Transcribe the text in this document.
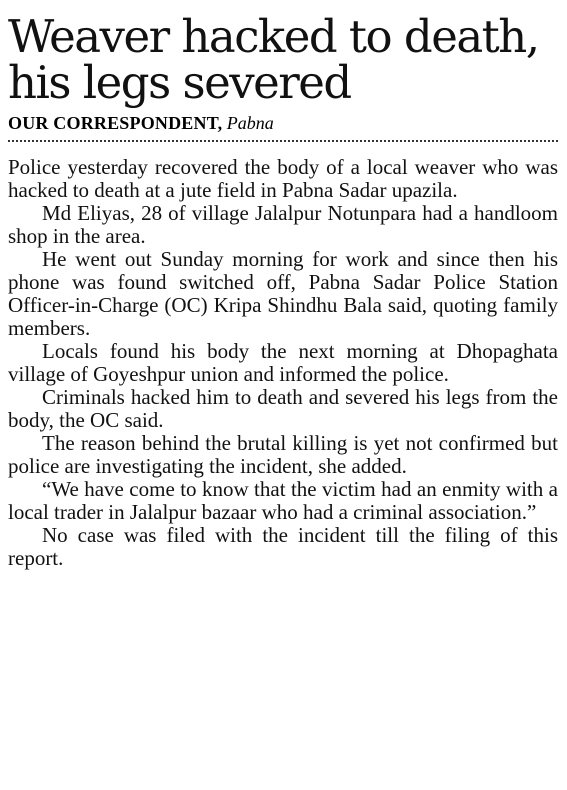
Weaver hacked to death,
his legs severed
OUR CORRESPONDENT, Pabna

Police yesterday recovered the body of a local weaver who was hacked to death at a jute field in Pabna Sadar upazila.

Md Eliyas, 28 of village Jalalpur Notunpara had a handloom shop in the area.

He went out Sunday morning for work and since then his phone was found switched off, Pabna Sadar Police Station Officer-in-Charge (OC) Kripa Shindhu Bala said, quoting family members.

Locals found his body the next morning at Dhopaghata village of Goyeshpur union and informed the police.

Criminals hacked him to death and severed his legs from the body, the OC said.

The reason behind the brutal killing is yet not confirmed but police are investigating the incident, she added.

“We have come to know that the victim had an enmity with a local trader in Jalalpur bazaar who had a criminal association.”

No case was filed with the incident till the filing of this report.
